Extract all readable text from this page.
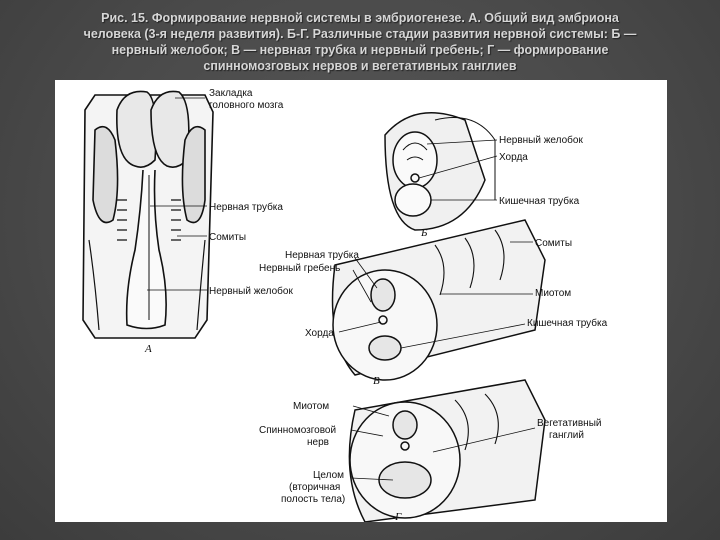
Рис. 15. Формирование нервной системы в эмбриогенезе. А. Общий вид эмбриона
человека (3-я неделя развития). Б-Г. Различные стадии развития нервной системы: Б —
нервный желобок; В — нервная трубка и нервный гребень; Г — формирование
спинномозговых нервов и вегетативных ганглиев
Закладка
головного мозга
Нервная трубка
Сомиты
Нервный желобок
А
Нервный желобок
Хорда
Кишечная трубка
Б
Нервная трубка
Нервный гребень
Сомиты
Миотом
Кишечная трубка
Хорда
В
Миотом
Спинномозговой
нерв
Вегетативный
ганглий
Целом
(вторичная
полость тела)
Г
